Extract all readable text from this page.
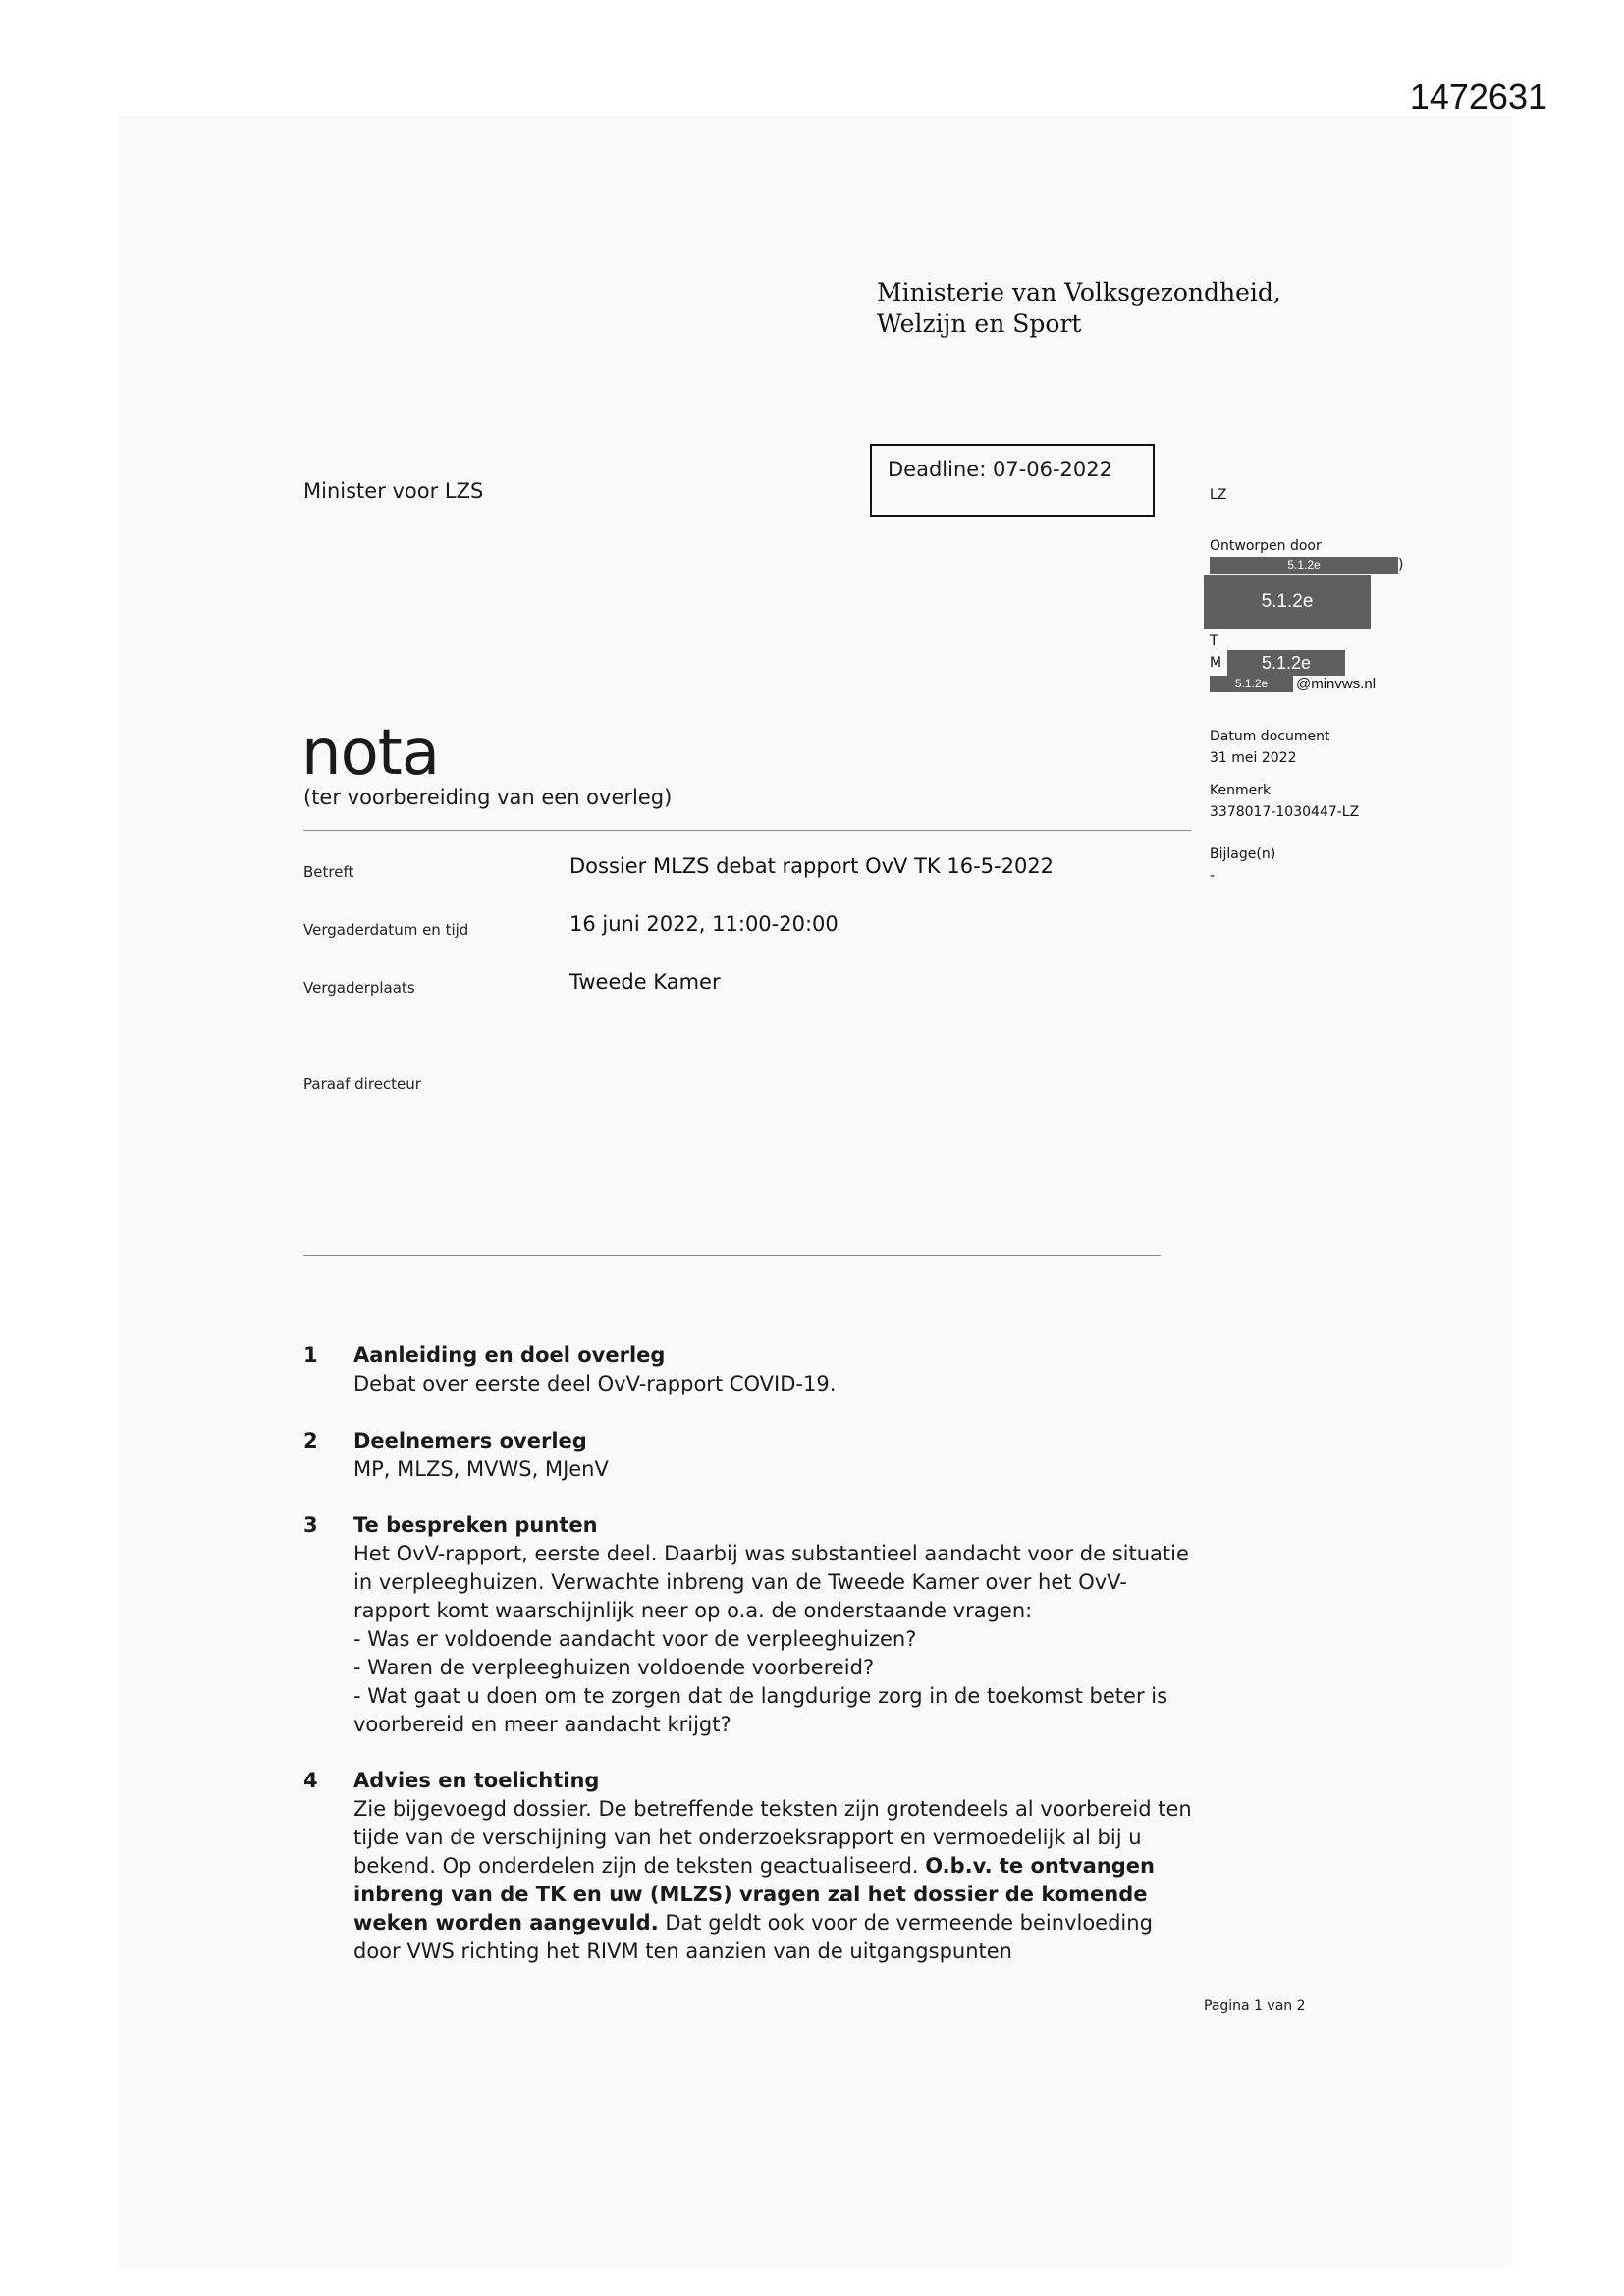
1472631
Ministerie van Volksgezondheid,
Welzijn en Sport
Minister voor LZS
Deadline: 07-06-2022
LZ
Ontworpen door
5.1.2e	)
5.1.2e
T
M	5.1.2e
5.1.2e	@minvws.nl
Datum document
31 mei 2022
Kenmerk
3378017-1030447-LZ
Bijlage(n)
-
nota
(ter voorbereiding van een overleg)
Betreft	Dossier MLZS debat rapport OvV TK 16-5-2022
Vergaderdatum en tijd	16 juni 2022, 11:00-20:00
Vergaderplaats	Tweede Kamer
Paraaf directeur
1 Aanleiding en doel overleg

Debat over eerste deel OvV-rapport COVID-19.

2 Deelnemers overleg

MP, MLZS, MVWS, MJenV

3 Te bespreken punten

Het OvV-rapport, eerste deel. Daarbij was substantieel aandacht voor de situatie in verpleeghuizen. Verwachte inbreng van de Tweede Kamer over het OvV-rapport komt waarschijnlijk neer op o.a. de onderstaande vragen:

- Was er voldoende aandacht voor de verpleeghuizen?

- Waren de verpleeghuizen voldoende voorbereid?

- Wat gaat u doen om te zorgen dat de langdurige zorg in de toekomst beter is voorbereid en meer aandacht krijgt?

4 Advies en toelichting

Zie bijgevoegd dossier. De betreffende teksten zijn grotendeels al voorbereid ten tijde van de verschijning van het onderzoeksrapport en vermoedelijk al bij u bekend. Op onderdelen zijn de teksten geactualiseerd. O.b.v. te ontvangen inbreng van de TK en uw (MLZS) vragen zal het dossier de komende weken worden aangevuld. Dat geldt ook voor de vermeende beinvloeding door VWS richting het RIVM ten aanzien van de uitgangspunten

Pagina 1 van 2
